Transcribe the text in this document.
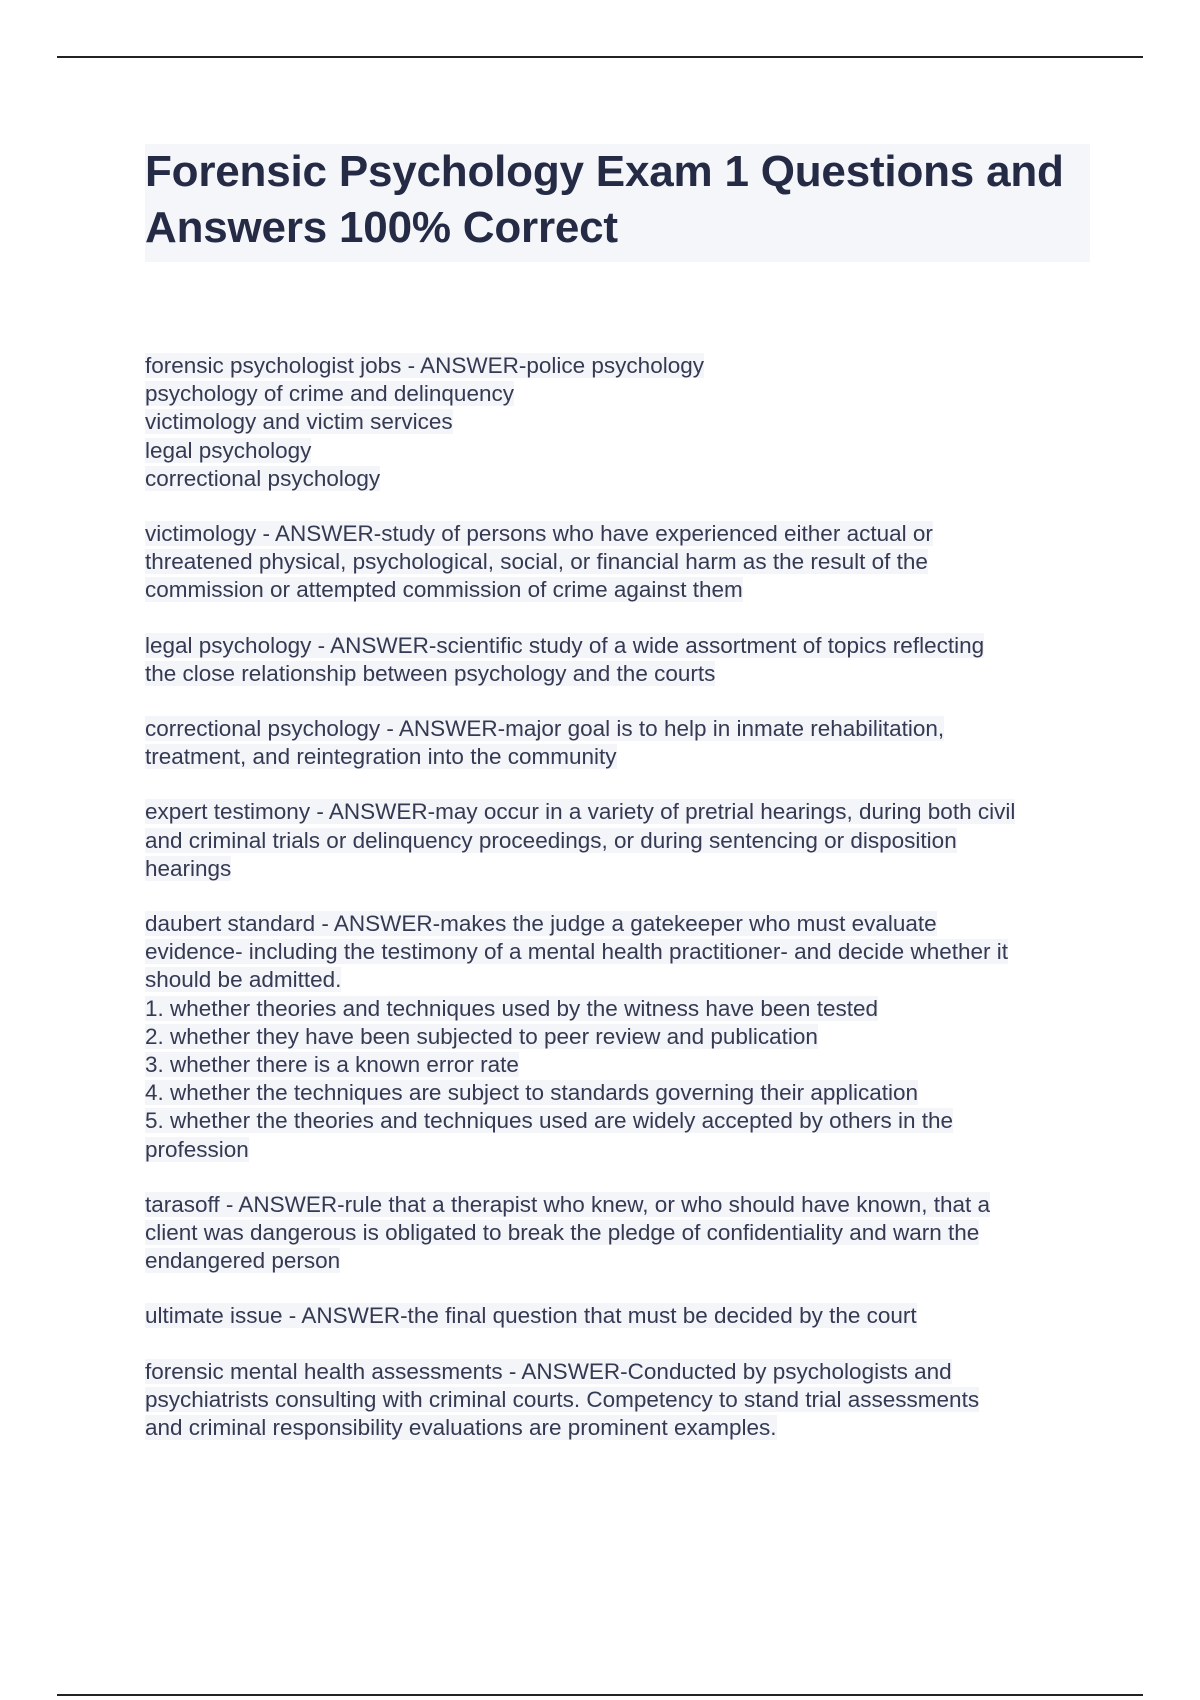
Forensic Psychology Exam 1 Questions and Answers 100% Correct
forensic psychologist jobs - ANSWER-police psychology
psychology of crime and delinquency
victimology and victim services
legal psychology
correctional psychology
victimology - ANSWER-study of persons who have experienced either actual or
threatened physical, psychological, social, or financial harm as the result of the
commission or attempted commission of crime against them
legal psychology - ANSWER-scientific study of a wide assortment of topics reflecting
the close relationship between psychology and the courts
correctional psychology - ANSWER-major goal is to help in inmate rehabilitation,
treatment, and reintegration into the community
expert testimony - ANSWER-may occur in a variety of pretrial hearings, during both civil
and criminal trials or delinquency proceedings, or during sentencing or disposition
hearings
daubert standard - ANSWER-makes the judge a gatekeeper who must evaluate
evidence- including the testimony of a mental health practitioner- and decide whether it
should be admitted.
1. whether theories and techniques used by the witness have been tested
2. whether they have been subjected to peer review and publication
3. whether there is a known error rate
4. whether the techniques are subject to standards governing their application
5. whether the theories and techniques used are widely accepted by others in the
profession
tarasoff - ANSWER-rule that a therapist who knew, or who should have known, that a
client was dangerous is obligated to break the pledge of confidentiality and warn the
endangered person
ultimate issue - ANSWER-the final question that must be decided by the court
forensic mental health assessments - ANSWER-Conducted by psychologists and
psychiatrists consulting with criminal courts. Competency to stand trial assessments
and criminal responsibility evaluations are prominent examples.
